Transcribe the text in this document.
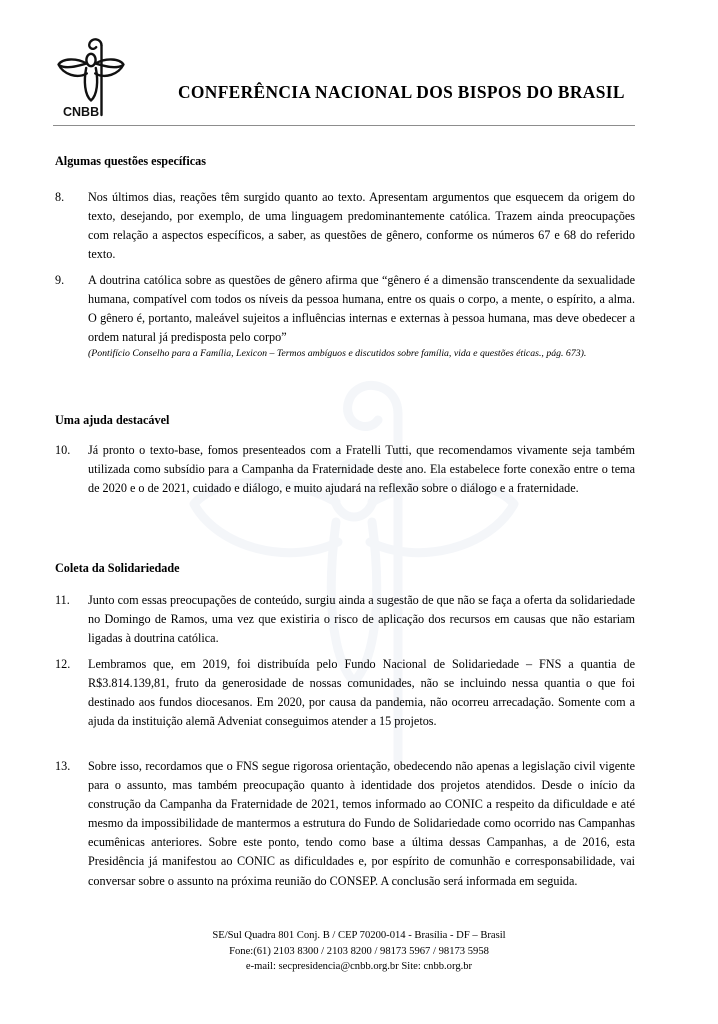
CNBB
CONFERÊNCIA NACIONAL DOS BISPOS DO BRASIL
Algumas questões específicas
8.	Nos últimos dias, reações têm surgido quanto ao texto. Apresentam argumentos que esquecem da origem do texto, desejando, por exemplo, de uma linguagem predominantemente católica. Trazem ainda preocupações com relação a aspectos específicos, a saber, as questões de gênero, conforme os números 67 e 68 do referido texto.
9.	A doutrina católica sobre as questões de gênero afirma que “gênero é a dimensão transcendente da sexualidade humana, compatível com todos os níveis da pessoa humana, entre os quais o corpo, a mente, o espírito, a alma. O gênero é, portanto, maleável sujeitos a influências internas e externas à pessoa humana, mas deve obedecer a ordem natural já predisposta pelo corpo”
(Pontifício Conselho para a Família, Lexicon – Termos ambíguos e discutidos sobre família, vida e questões éticas., pág. 673).
Uma ajuda destacável
10.	Já pronto o texto-base, fomos presenteados com a Fratelli Tutti, que recomendamos vivamente seja também utilizada como subsídio para a Campanha da Fraternidade deste ano. Ela estabelece forte conexão entre o tema de 2020 e o de 2021, cuidado e diálogo, e muito ajudará na reflexão sobre o diálogo e a fraternidade.
Coleta da Solidariedade
11.	Junto com essas preocupações de conteúdo, surgiu ainda a sugestão de que não se faça a oferta da solidariedade no Domingo de Ramos, uma vez que existiria o risco de aplicação dos recursos em causas que não estariam ligadas à doutrina católica.
12.	Lembramos que, em 2019, foi distribuída pelo Fundo Nacional de Solidariedade – FNS a quantia de R$3.814.139,81, fruto da generosidade de nossas comunidades, não se incluindo nessa quantia o que foi destinado aos fundos diocesanos. Em 2020, por causa da pandemia, não ocorreu arrecadação. Somente com a ajuda da instituição alemã Adveniat conseguimos atender a 15 projetos.
13.	Sobre isso, recordamos que o FNS segue rigorosa orientação, obedecendo não apenas a legislação civil vigente para o assunto, mas também preocupação quanto à identidade dos projetos atendidos. Desde o início da construção da Campanha da Fraternidade de 2021, temos informado ao CONIC a respeito da dificuldade e até mesmo da impossibilidade de mantermos a estrutura do Fundo de Solidariedade como ocorrido nas Campanhas ecumênicas anteriores. Sobre este ponto, tendo como base a última dessas Campanhas, a de 2016, esta Presidência já manifestou ao CONIC as dificuldades e, por espírito de comunhão e corresponsabilidade, vai conversar sobre o assunto na próxima reunião do CONSEP. A conclusão será informada em seguida.
SE/Sul Quadra 801 Conj. B / CEP 70200-014 - Brasília - DF – Brasil
Fone:(61) 2103 8300 / 2103 8200 / 98173 5967 / 98173 5958
e-mail: secpresidencia@cnbb.org.br Site: cnbb.org.br
